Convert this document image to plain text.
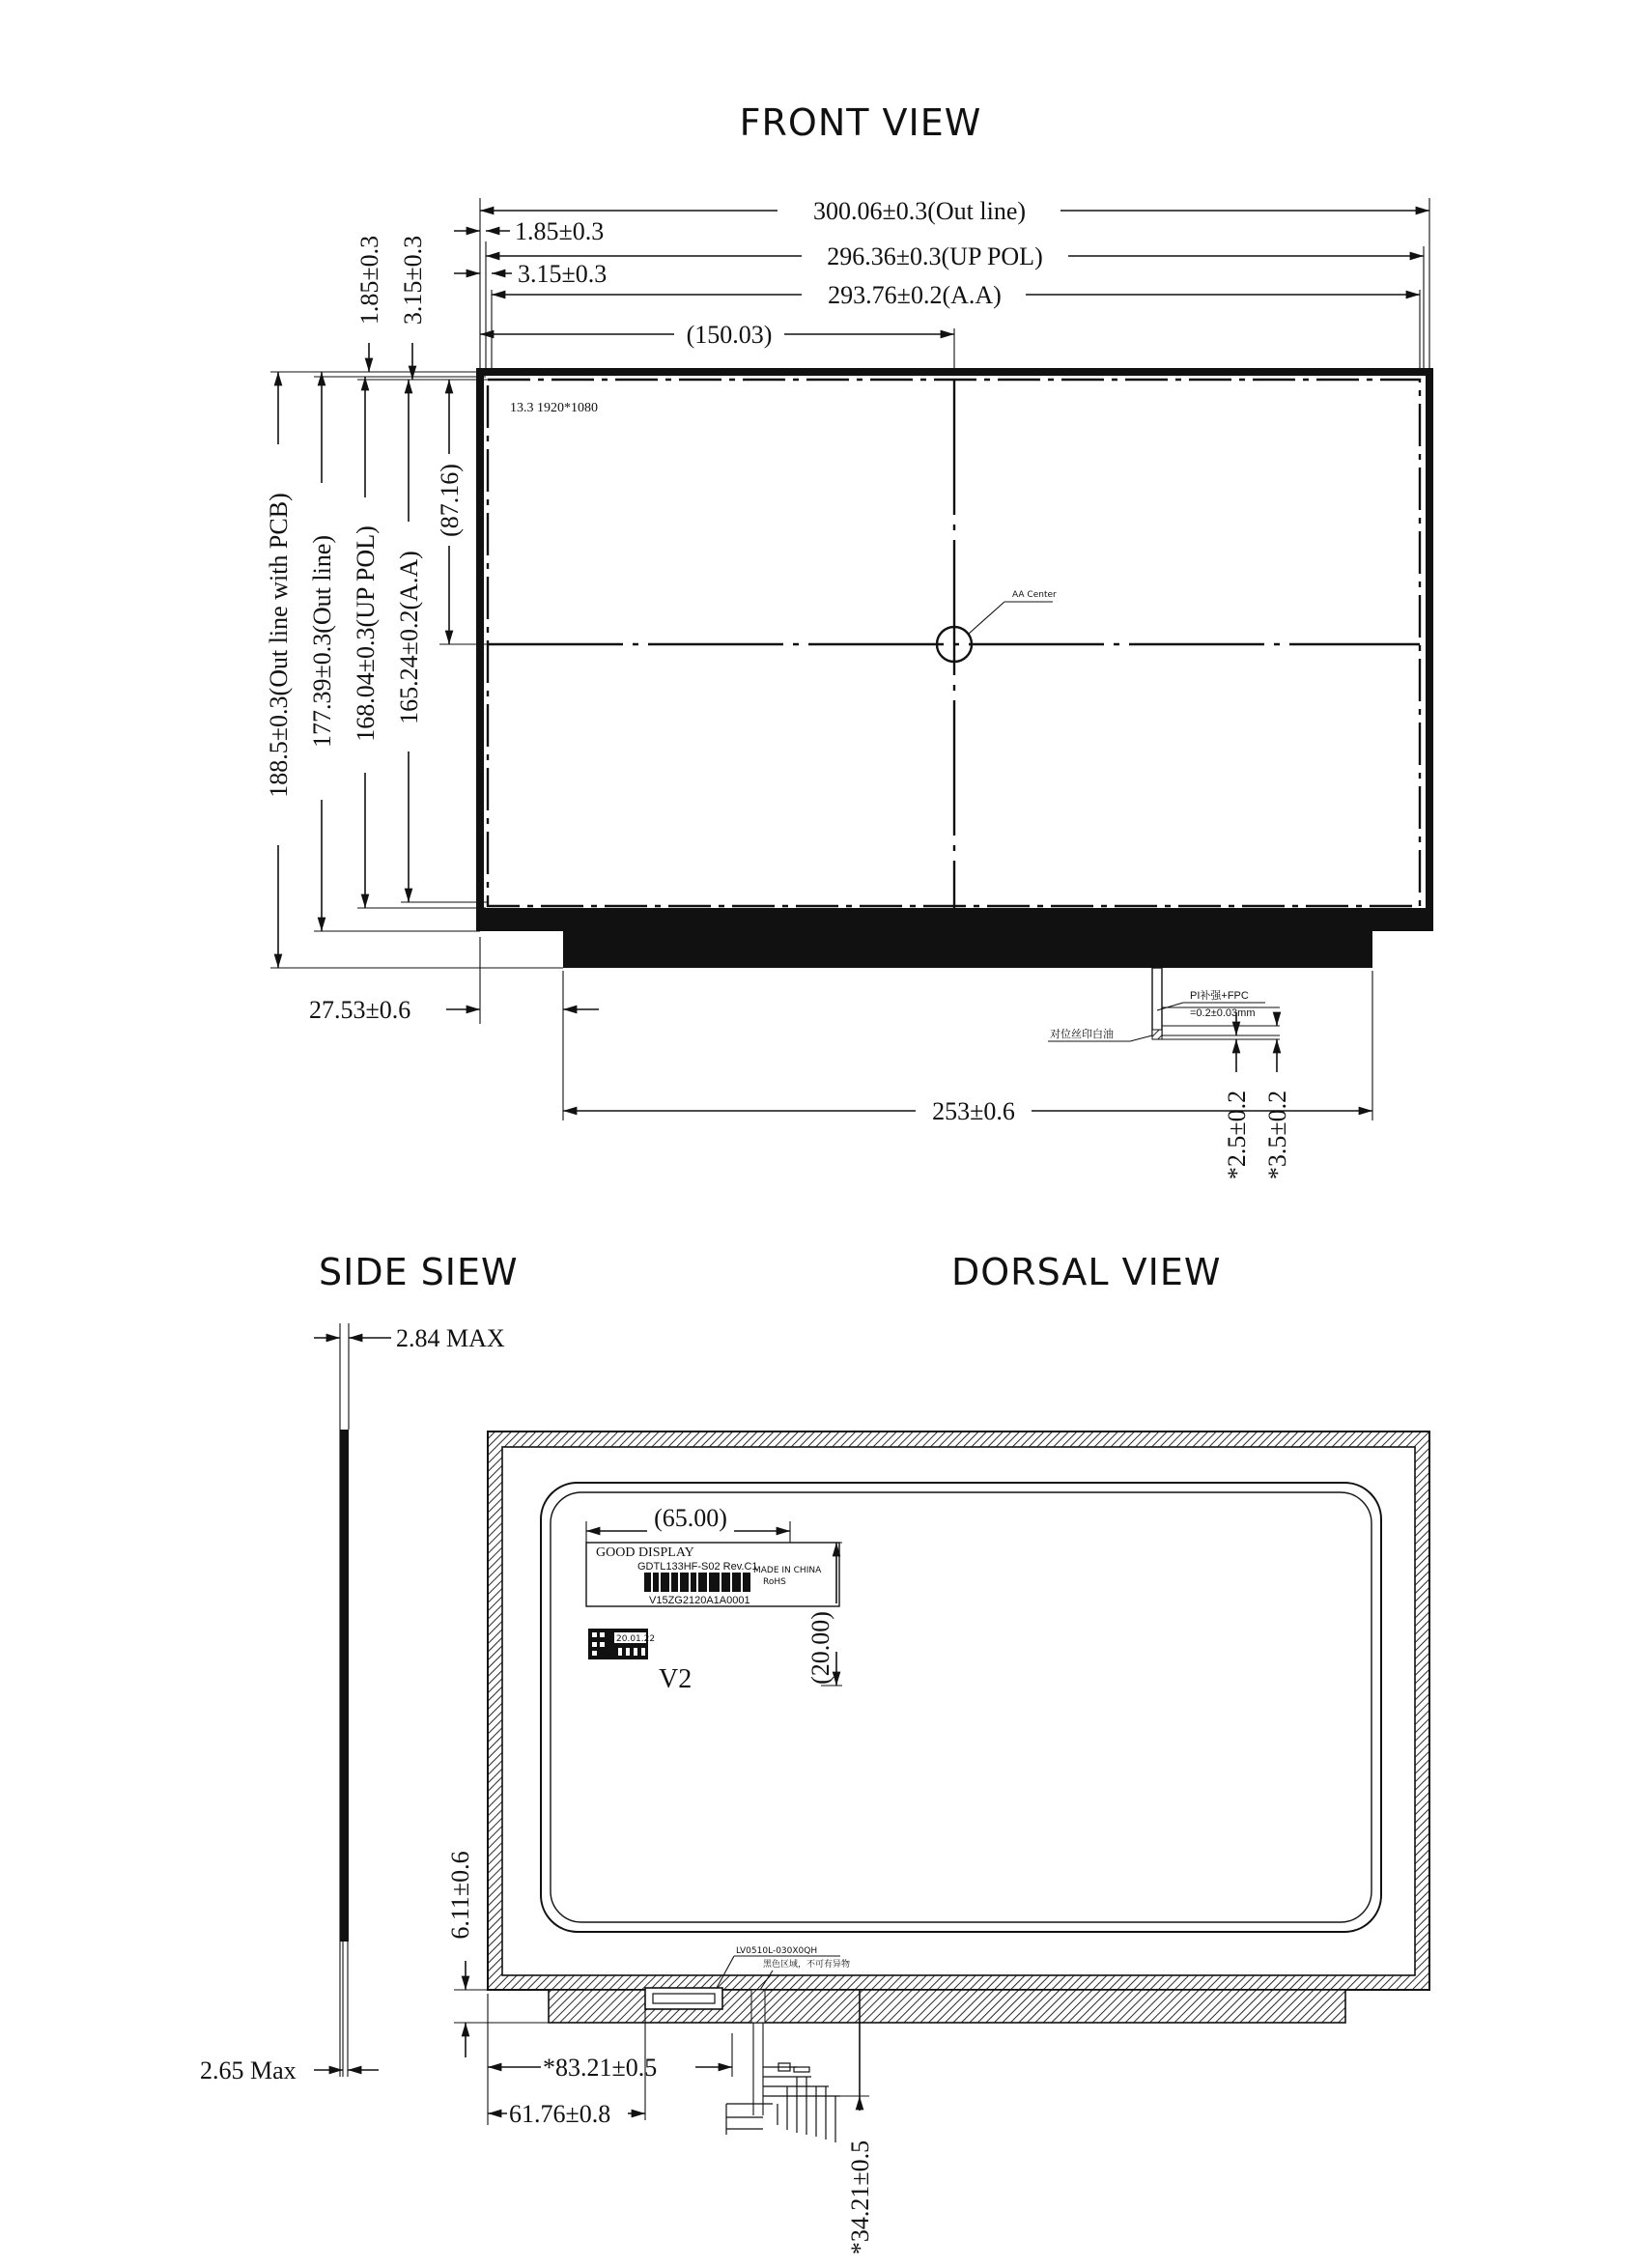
FRONT VIEW
SIDE SIEW	DORSAL VIEW
AA Center
13.3 1920*1080
300.06±0.3(Out line)
296.36±0.3(UP POL)
293.76±0.2(A.A)
(150.03)
1.85±0.3
3.15±0.3
188.5±0.3(Out line with PCB) 177.39±0.3(Out line) 168.04±0.3(UP POL) 165.24±0.2(A.A)
(87.16)
1.85±0.3 3.15±0.3
27.53±0.6
253±0.6
PI补强+FPC
=0.2±0.03mm
对位丝印白油
*2.5±0.2 *3.5±0.2
2.84 MAX
2.65 Max
GOOD DISPLAY
GDTL133HF-S02 Rev.C1
MADE IN CHINA
RoHS
V15ZG2120A1A0001
(65.00)
(20.00)
20.01.22
V2
LV0510L-030X0QH
黑色区域，不可有异物
6.11±0.6
*83.21±0.5
61.76±0.8
*34.21±0.5
